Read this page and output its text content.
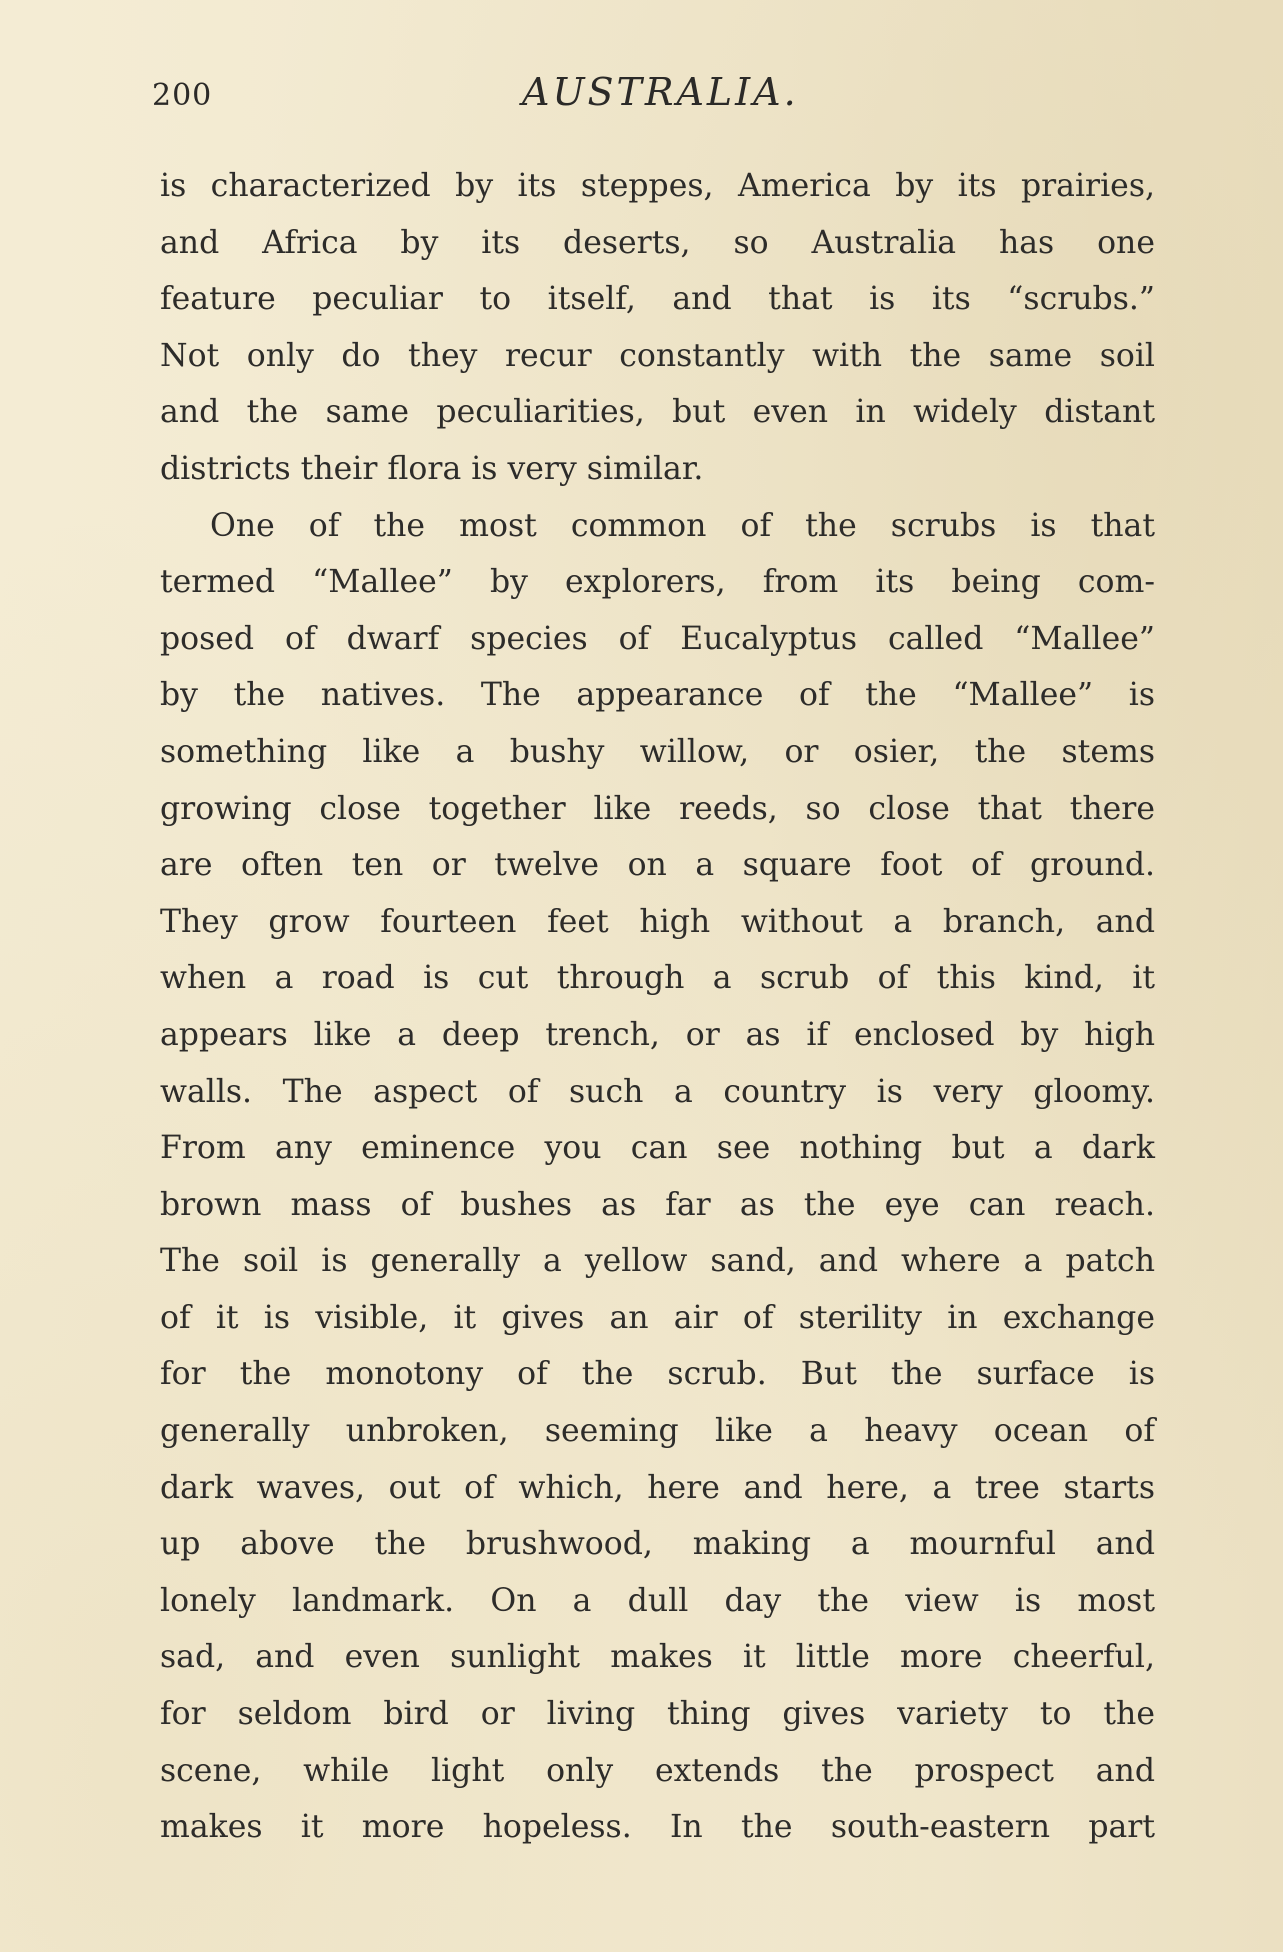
200	AUSTRALIA.
is characterized by its steppes, America by its prairies,
and Africa by its deserts, so Australia has one
feature peculiar to itself, and that is its “scrubs.”
Not only do they recur constantly with the same soil
and the same peculiarities, but even in widely distant
districts their flora is very similar.
One of the most common of the scrubs is that
termed “Mallee” by explorers, from its being com-
posed of dwarf species of Eucalyptus called “Mallee”
by the natives. The appearance of the “Mallee” is
something like a bushy willow, or osier, the stems
growing close together like reeds, so close that there
are often ten or twelve on a square foot of ground.
They grow fourteen feet high without a branch, and
when a road is cut through a scrub of this kind, it
appears like a deep trench, or as if enclosed by high
walls. The aspect of such a country is very gloomy.
From any eminence you can see nothing but a dark
brown mass of bushes as far as the eye can reach.
The soil is generally a yellow sand, and where a patch
of it is visible, it gives an air of sterility in exchange
for the monotony of the scrub. But the surface is
generally unbroken, seeming like a heavy ocean of
dark waves, out of which, here and here, a tree starts
up above the brushwood, making a mournful and
lonely landmark. On a dull day the view is most
sad, and even sunlight makes it little more cheerful,
for seldom bird or living thing gives variety to the
scene, while light only extends the prospect and
makes it more hopeless. In the south-eastern part
